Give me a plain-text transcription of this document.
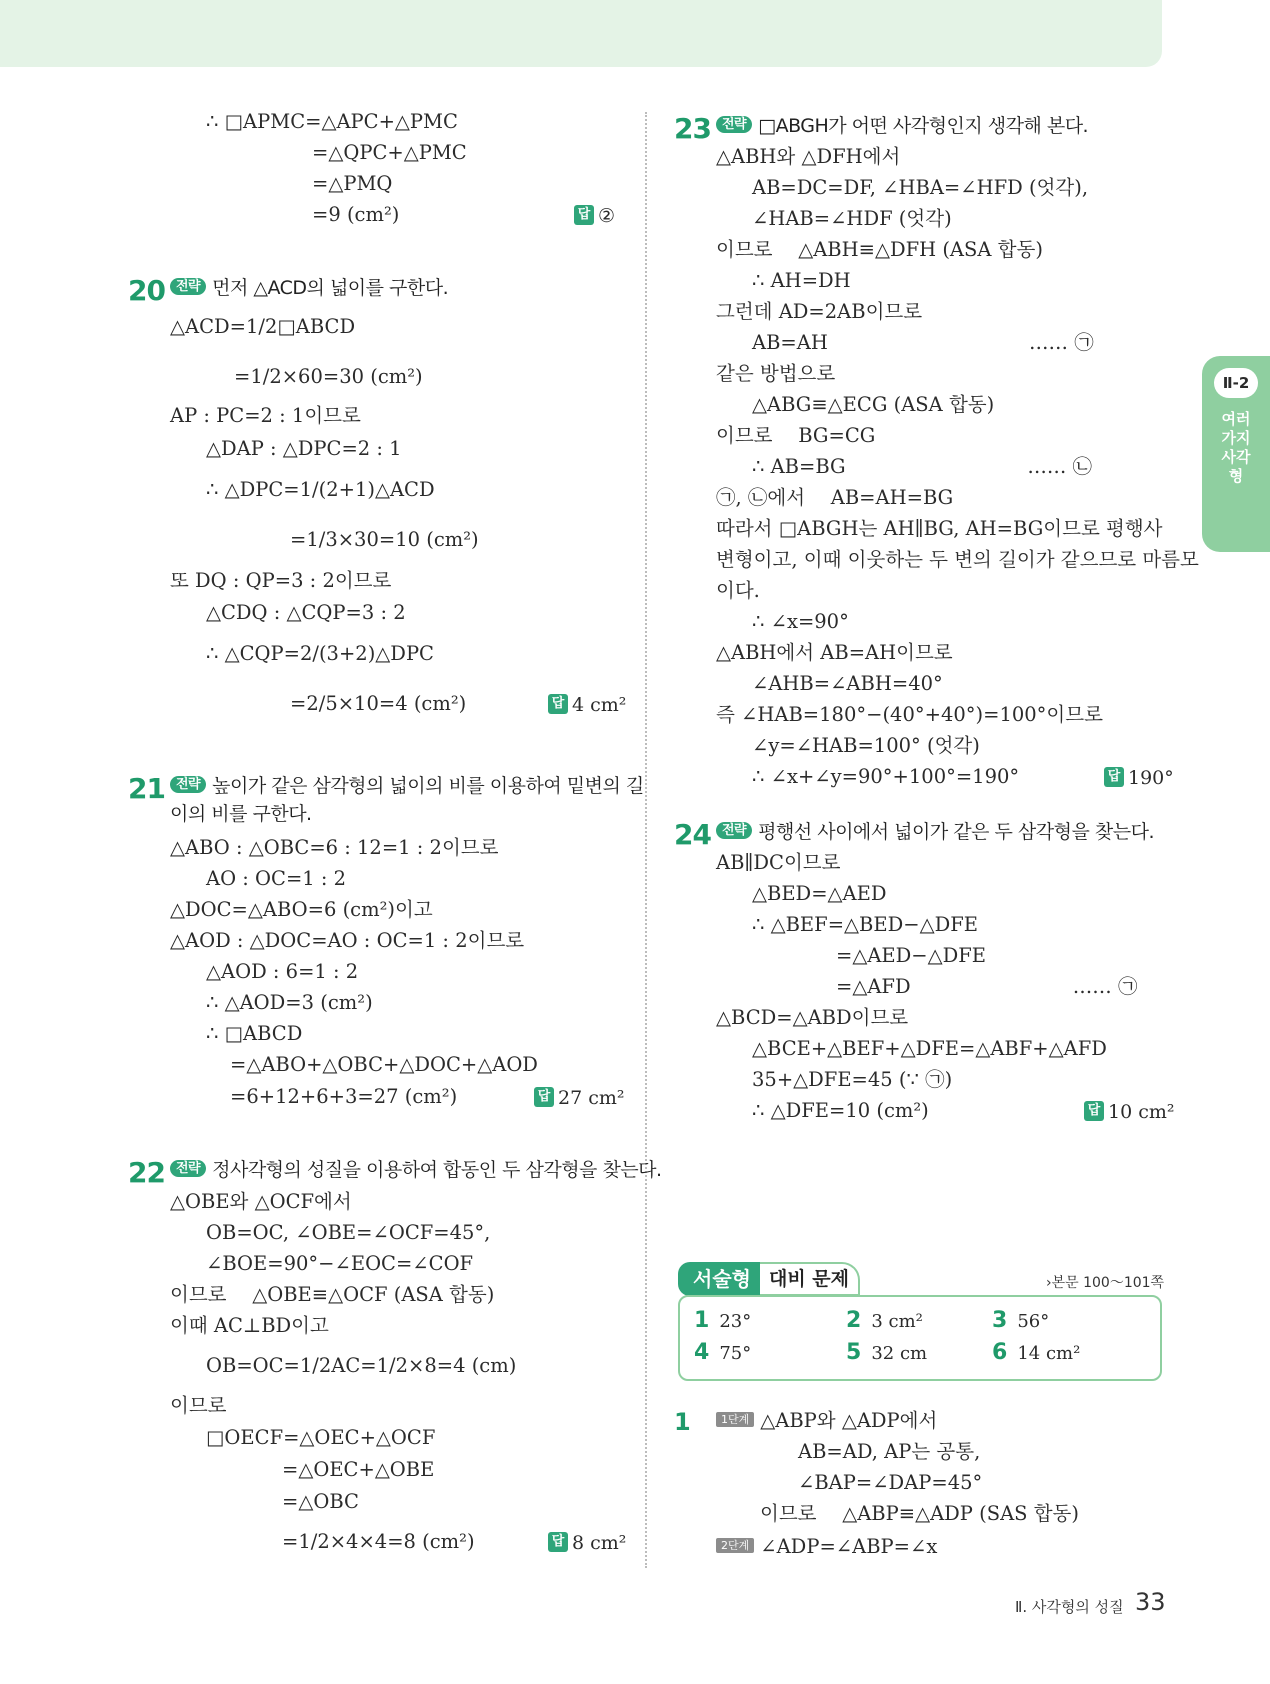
Ⅱ-2
여러 가지 사각형
∴ □APMC=△APC+△PMC
=△QPC+△PMC
=△PMQ
=9 (cm²)	답 ②
20 전략 먼저 △ACD의 넓이를 구한다.
△ACD=1/2□ABCD
=1/2×60=30 (cm²)
AP : PC=2 : 1이므로
△DAP : △DPC=2 : 1
∴ △DPC=1/(2+1)△ACD
=1/3×30=10 (cm²)
또 DQ : QP=3 : 2이므로
△CDQ : △CQP=3 : 2
∴ △CQP=2/(3+2)△DPC
=2/5×10=4 (cm²)	답 4 cm²
21 전략 높이가 같은 삼각형의 넓이의 비를 이용하여 밑변의 길
이의 비를 구한다.
△ABO : △OBC=6 : 12=1 : 2이므로
AO : OC=1 : 2
△DOC=△ABO=6 (cm²)이고
△AOD : △DOC=AO : OC=1 : 2이므로
△AOD : 6=1 : 2
∴ △AOD=3 (cm²)
∴ □ABCD
=△ABO+△OBC+△DOC+△AOD
=6+12+6+3=27 (cm²)	답 27 cm²
22 전략 정사각형의 성질을 이용하여 합동인 두 삼각형을 찾는다.
△OBE와 △OCF에서
OB=OC, ∠OBE=∠OCF=45°,
∠BOE=90°−∠EOC=∠COF
이므로 　△OBE≡△OCF (ASA 합동)
이때 AC⊥BD이고
OB=OC=1/2AC=1/2×8=4 (cm)
이므로
□OECF=△OEC+△OCF
=△OEC+△OBE
=△OBC
=1/2×4×4=8 (cm²)	답 8 cm²
23 전략 □ABGH가 어떤 사각형인지 생각해 본다.
△ABH와 △DFH에서
AB=DC=DF, ∠HBA=∠HFD (엇각),
∠HAB=∠HDF (엇각)
이므로 　△ABH≡△DFH (ASA 합동)
∴ AH=DH
그런데 AD=2AB이므로
AB=AH 　　　　　　　　　　…… ㉠
같은 방법으로
△ABG≡△ECG (ASA 합동)
이므로 　BG=CG
∴ AB=BG 　　　　　　　　　…… ㉡
㉠, ㉡에서 　AB=AH=BG
따라서 □ABGH는 AH∥BG, AH=BG이므로 평행사
변형이고, 이때 이웃하는 두 변의 길이가 같으므로 마름모
이다.
∴ ∠x=90°
△ABH에서 AB=AH이므로
∠AHB=∠ABH=40°
즉 ∠HAB=180°−(40°+40°)=100°이므로
∠y=∠HAB=100° (엇각)
∴ ∠x+∠y=90°+100°=190°	답 190°
24 전략 평행선 사이에서 넓이가 같은 두 삼각형을 찾는다.
AB∥DC이므로
△BED=△AED
∴ △BEF=△BED−△DFE
=△AED−△DFE
=△AFD 　　　　　　　　…… ㉠
△BCD=△ABD이므로
△BCE+△BEF+△DFE=△ABF+△AFD
35+△DFE=45 (∵ ㉠)
∴ △DFE=10 (cm²)	답 10 cm²
서술형 대비 문제	›본문 100～101쪽
1 23°	2 3 cm²	3 56°
4 75°	5 32 cm	6 14 cm²
1	1단계 △ABP와 △ADP에서
AB=AD, AP는 공통,
∠BAP=∠DAP=45°
이므로 　△ABP≡△ADP (SAS 합동)
2단계 ∠ADP=∠ABP=∠x
Ⅱ. 사각형의 성질 33
